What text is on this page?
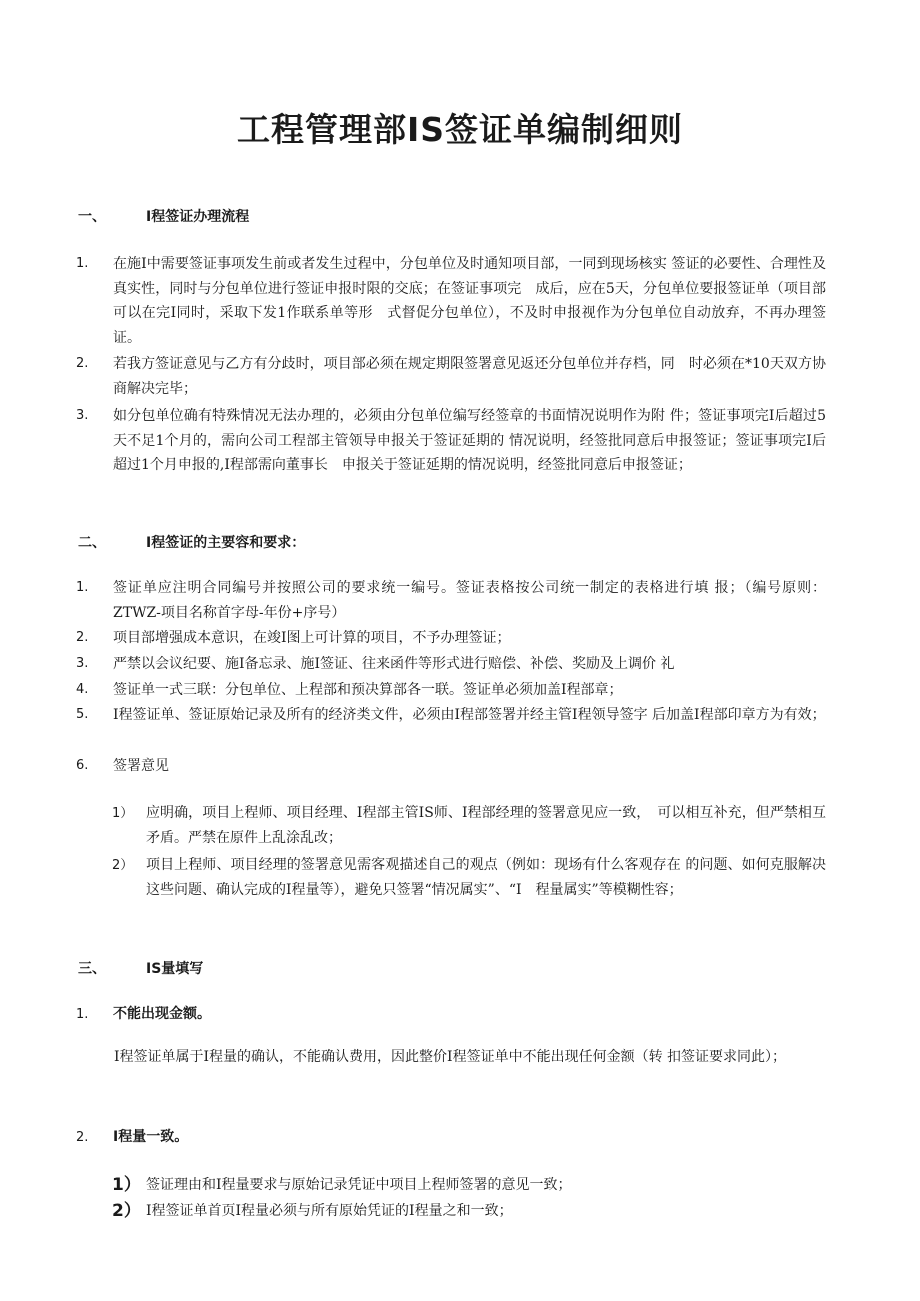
工程管理部IS签证单编制细则
一、	I程签证办理流程
1. 在施I中需要签证事项发生前或者发生过程中，分包单位及时通知项目部，一同到现场核实 签证的必要性、合理性及真实性，同时与分包单位进行签证申报时限的交底；在签证事项完　成后，应在5天，分包单位要报签证单（项目部可以在完I同时，采取下发1作联系单等形　式督促分包单位），不及时申报视作为分包单位自动放弃，不再办理签证。
2. 若我方签证意见与乙方有分歧时，项目部必须在规定期限签署意见返还分包单位并存档，同　时必须在*10天双方协商解决完毕；
3. 如分包单位确有特殊情况无法办理的，必须由分包单位编写经签章的书面情况说明作为附 件；签证事项完I后超过5天不足1个月的，需向公司工程部主管领导申报关于签证延期的 情况说明，经签批同意后申报签证；签证事项完I后超过1个月申报的,I程部需向董事长　申报关于签证延期的情况说明，经签批同意后申报签证；
二、	I程签证的主要容和要求：
1. 签证单应注明合同编号并按照公司的要求统一编号。签证表格按公司统一制定的表格进行填 报；（编号原则：ZTWZ-项目名称首字母-年份+序号）
2. 项目部增强成本意识，在竣I图上可计算的项目，不予办理签证；
3. 严禁以会议纪要、施I备忘录、施I签证、往来函件等形式进行赔偿、补偿、奖励及上调价 礼
4. 签证单一式三联：分包单位、上程部和预决算部各一联。签证单必须加盖I程部章；
5. I程签证单、签证原始记录及所有的经济类文件，必须由I程部签署并经主管I程领导签字 后加盖I程部印章方为有效；
6. 签署意见
1） 应明确，项目上程师、项目经理、I程部主管IS师、I程部经理的签署意见应一致，　可以相互补充，但严禁相互矛盾。严禁在原件上乱涂乱改；
2） 项目上程师、项目经理的签署意见需客观描述自己的观点（例如：现场有什么客观存在 的问题、如何克服解决这些问题、确认完成的I程量等），避免只签署“情况属实”、“I　程量属实”等模糊性容；
三、	IS量填写
1. 不能出现金额。
I程签证单属于I程量的确认，不能确认费用，因此整价I程签证单中不能出现任何金额（转 扣签证要求同此）；
2. I程量一致。
1） 签证理由和I程量要求与原始记录凭证中项目上程师签署的意见一致；
2） I程签证单首页I程量必须与所有原始凭证的I程量之和一致；
